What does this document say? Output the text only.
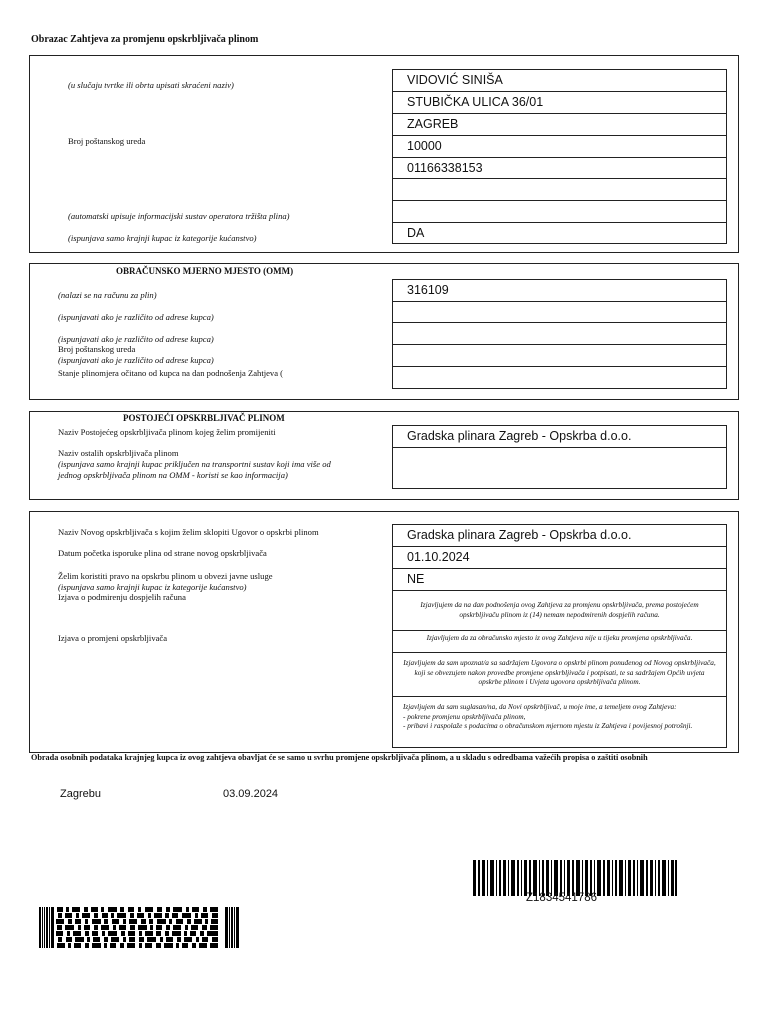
Obrazac Zahtjeva za promjenu opskrbljivača plinom
(u slučaju tvrtke ili obrta upisati skraćeni naziv)
Broj poštanskog ureda
(automatski upisuje informacijski sustav operatora tržišta plina)
(ispunjava samo krajnji kupac iz kategorije kućanstvo)
VIDOVIĆ SINIŠA
STUBIČKA ULICA 36/01
ZAGREB
10000
01166338153
DA
OBRAČUNSKO MJERNO MJESTO (OMM)
(nalazi se na računu za plin)
(ispunjavati ako je različito od adrese kupca)
(ispunjavati ako je različito od adrese kupca)
Broj poštanskog ureda
(ispunjavati ako je različito od adrese kupca)
Stanje plinomjera očitano od kupca na dan podnošenja Zahtjeva (
316109
POSTOJEĆI OPSKRBLJIVAČ PLINOM
Naziv Postojećeg opskrbljivača plinom kojeg želim promijeniti
Naziv ostalih opskrbljivača plinom
(ispunjava samo krajnji kupac priključen na transportni sustav koji ima više od
jednog opskrbljivača plinom na OMM - koristi se kao informacija)
Gradska plinara Zagreb - Opskrba d.o.o.
Naziv Novog opskrbljivača s kojim želim sklopiti Ugovor o opskrbi plinom
Datum početka isporuke plina od strane novog opskrbljivača
Želim koristiti pravo na opskrbu plinom u obvezi javne usluge
(ispunjava samo krajnji kupac iz kategorije kućanstvo)
Izjava o podmirenju dospjelih računa
Izjava o promjeni opskrbljivača
Gradska plinara Zagreb - Opskrba d.o.o.
01.10.2024
NE
Izjavljujem da na dan podnošenja ovog Zahtjeva za promjenu opskrbljivača, prema postojećem opskrbljivaču plinom iz (14) nemam nepodmirenih dospjelih računa.
Izjavljujem da za obračunsko mjesto iz ovog Zahtjeva nije u tijeku promjena opskrbljivača.
Izjavljujem da sam upoznat/a sa sadržajem Ugovora o opskrbi plinom ponuđenog od Novog opskrbljivača, koji se obvezujem nakon provedbe promjene opskrbljivača i potpisati, te sa sadržajem Općih uvjeta opskrbe plinom i Uvjeta ugovora opskrbljivača plinom.
Izjavljujem da sam suglasan/na, da Novi opskrbljivač, u moje ime, a temeljem ovog Zahtjeva:
- pokrene promjenu opskrbljivača plinom,
- pribavi i raspolaže s podacima o obračunskom mjernom mjestu iz Zahtjeva i povijesnoj potrošnji.
Obrada osobnih podataka krajnjeg kupca iz ovog zahtjeva obavljat će se samo u svrhu promjene opskrbljivača plinom, a u skladu s odredbama važećih propisa o zaštiti osobnih
Zagrebu	03.09.2024
Z1834541786
